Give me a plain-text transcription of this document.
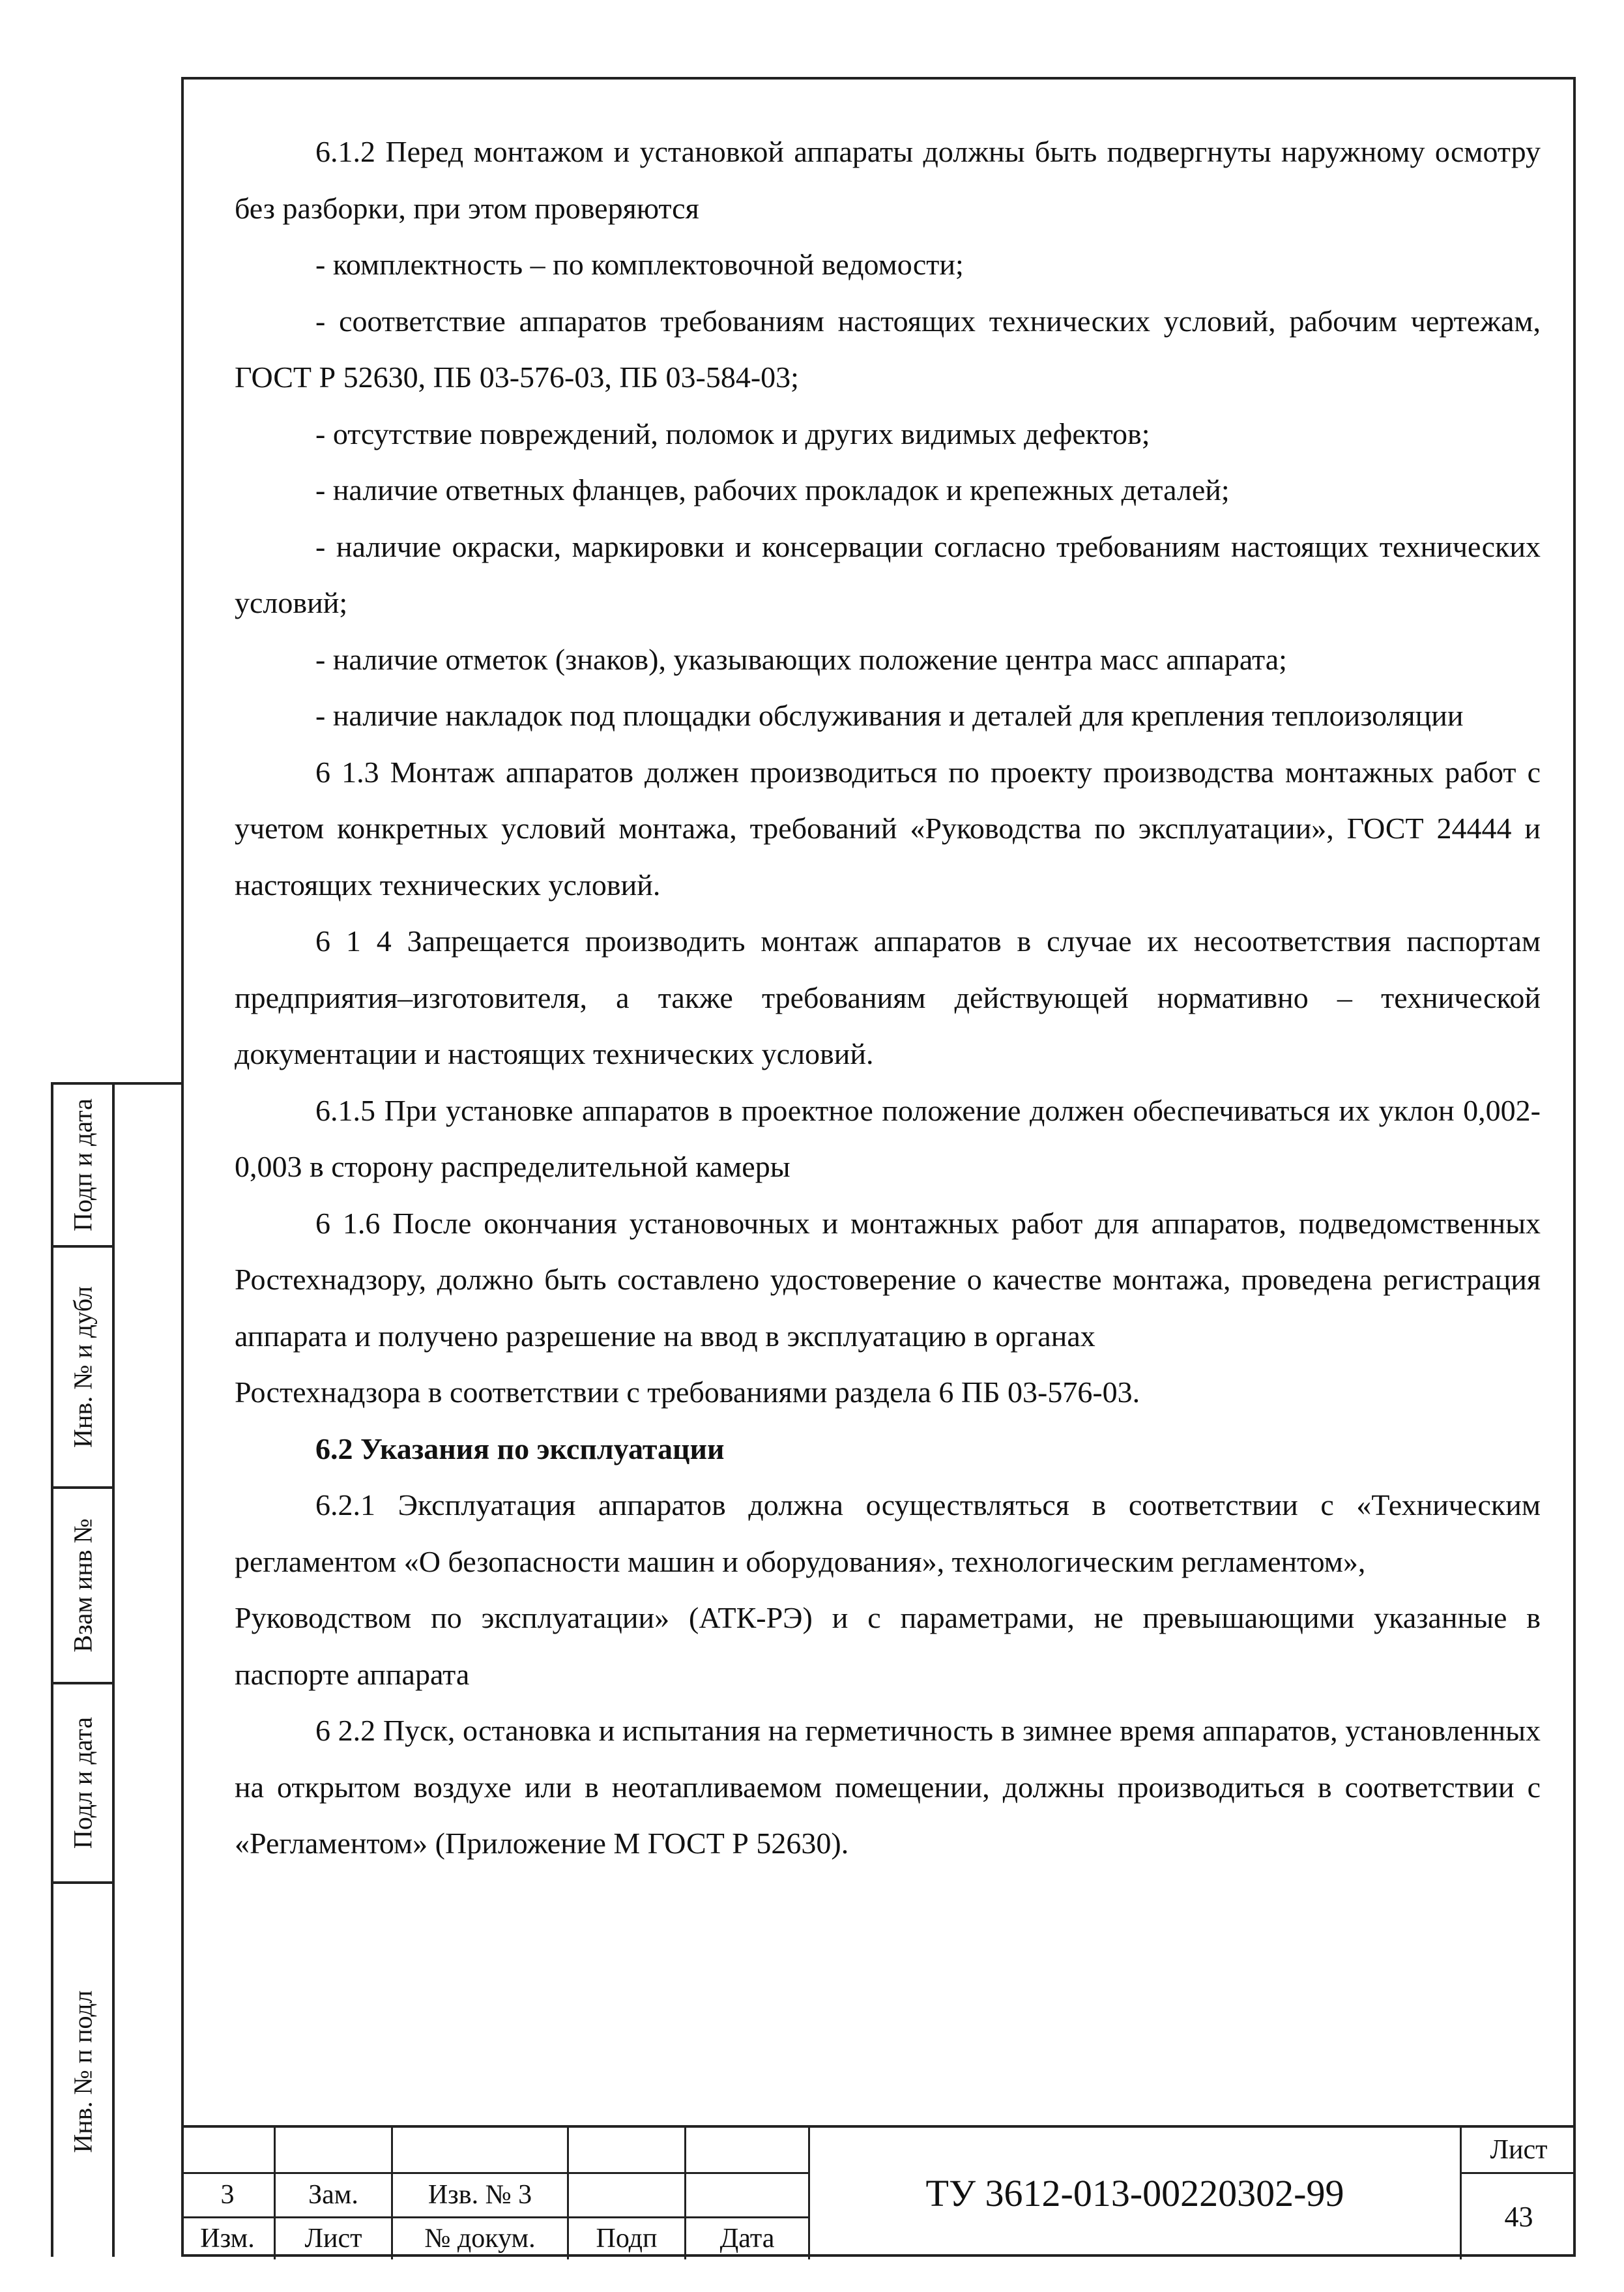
6.1.2 Перед монтажом и установкой аппараты должны быть подвергнуты наружному осмотру без разборки, при этом проверяются

- комплектность – по комплектовочной ведомости;

- соответствие аппаратов требованиям настоящих технических условий, рабочим чертежам, ГОСТ Р 52630, ПБ 03-576-03, ПБ 03-584-03;

- отсутствие повреждений, поломок и других видимых дефектов;

- наличие ответных фланцев, рабочих прокладок и крепежных деталей;

- наличие окраски, маркировки и консервации согласно требованиям настоящих технических условий;

- наличие отметок (знаков), указывающих положение центра масс аппарата;

- наличие накладок под площадки обслуживания и деталей для крепления теплоизоляции

6 1.3 Монтаж аппаратов должен производиться по проекту производства монтажных работ с учетом конкретных условий монтажа, требований «Руководства по эксплуатации», ГОСТ 24444 и настоящих технических условий.

6 1 4 Запрещается производить монтаж аппаратов в случае их несоответствия паспортам предприятия–изготовителя, а также требованиям действующей нормативно – технической документации и настоящих технических условий.

6.1.5 При установке аппаратов в проектное положение должен обеспечиваться их уклон 0,002-0,003 в сторону распределительной камеры

6 1.6 После окончания установочных и монтажных работ для аппаратов, подведомственных Ростехнадзору, должно быть составлено удостоверение о качестве монтажа, проведена регистрация аппарата и получено разрешение на ввод в эксплуатацию в органах

Ростехнадзора в соответствии с требованиями раздела 6 ПБ 03-576-03.

6.2 Указания по эксплуатации

6.2.1 Эксплуатация аппаратов должна осуществляться в соответствии с «Техническим регламентом «О безопасности машин и оборудования», технологическим регламентом»,

Руководством по эксплуатации» (АТК-РЭ) и с параметрами, не превышающими указанные в паспорте аппарата

6 2.2 Пуск, остановка и испытания на герметичность в зимнее время аппаратов, установленных на открытом воздухе или в неотапливаемом помещении, должны производиться в соответствии с «Регламентом» (Приложение М ГОСТ Р 52630).

Подп и дата
Инв. № и дубл
Взам инв №
Подл и дата
Инв. № п подл
3	Зам.	Изв. № 3
Изм.	Лист	№ докум.	Подп	Дата
ТУ 3612-013-00220302-99
Лист
43
